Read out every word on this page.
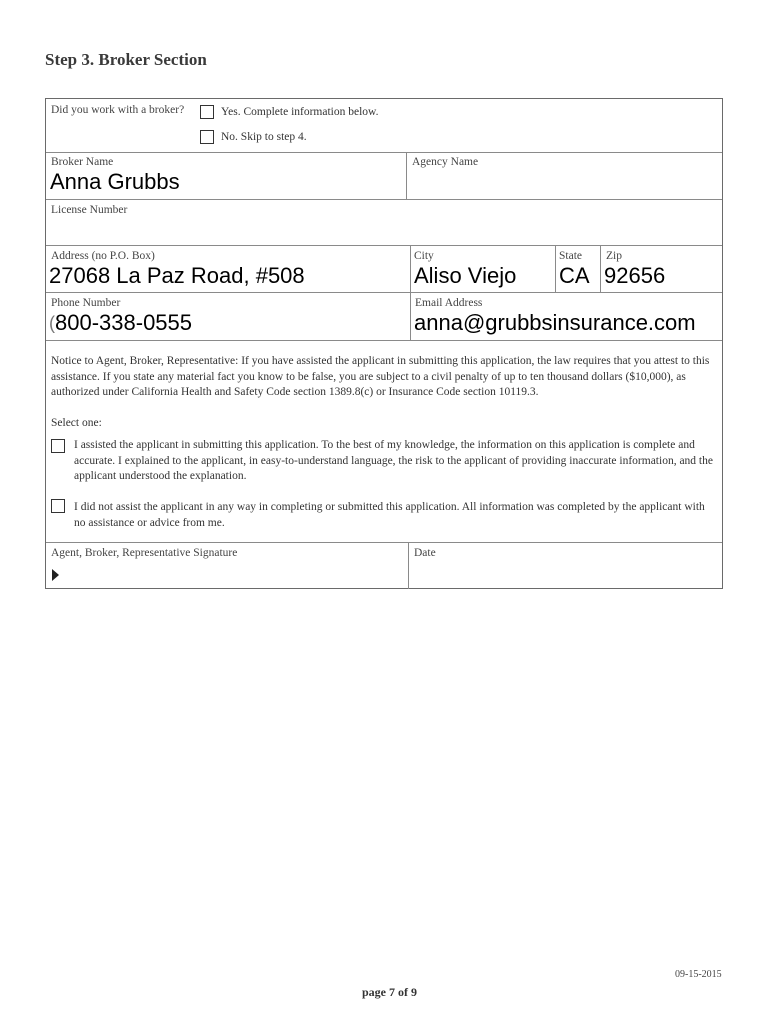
Step 3. Broker Section
Did you work with a broker?	Yes. Complete information below.
No. Skip to step 4.
Broker Name
Anna Grubbs
Agency Name
License Number
Address (no P.O. Box)
27068 La Paz Road, #508
City
Aliso Viejo
State
CA
Zip
92656
Phone Number
( 800-338-0555
Email Address
anna@grubbsinsurance.com
Notice to Agent, Broker, Representative: If you have assisted the applicant in submitting this application, the law requires that you attest to this assistance. If you state any material fact you know to be false, you are subject to a civil penalty of up to ten thousand dollars ($10,000), as authorized under California Health and Safety Code section 1389.8(c) or Insurance Code section 10119.3.
Select one:
I assisted the applicant in submitting this application. To the best of my knowledge, the information on this application is complete and accurate. I explained to the applicant, in easy-to-understand language, the risk to the applicant of providing inaccurate information, and the applicant understood the explanation.
I did not assist the applicant in any way in completing or submitted this application. All information was completed by the applicant with no assistance or advice from me.
Agent, Broker, Representative Signature	Date
09-15-2015
page 7 of 9
